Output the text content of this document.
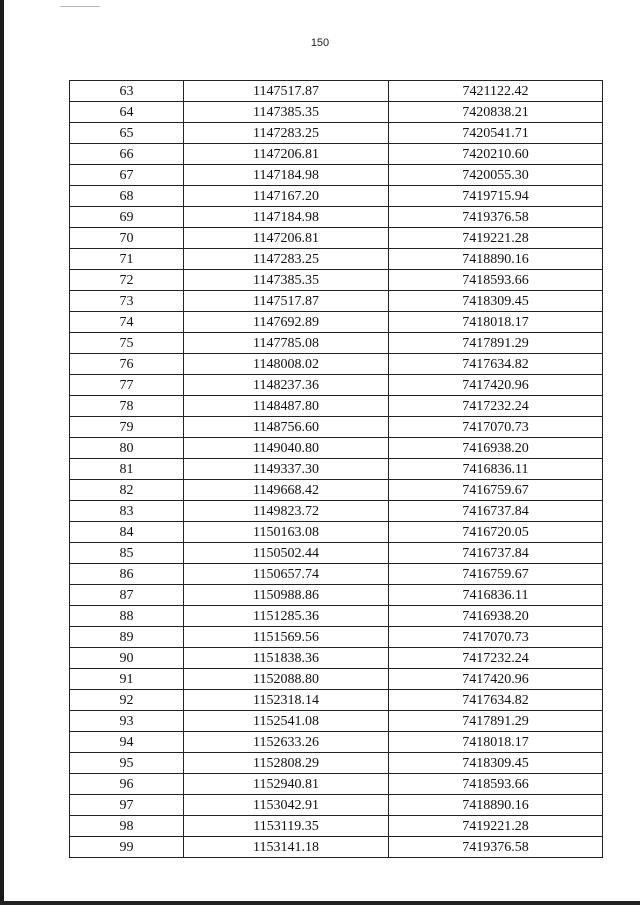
150
63	1147517.87	7421122.42
64	1147385.35	7420838.21
65	1147283.25	7420541.71
66	1147206.81	7420210.60
67	1147184.98	7420055.30
68	1147167.20	7419715.94
69	1147184.98	7419376.58
70	1147206.81	7419221.28
71	1147283.25	7418890.16
72	1147385.35	7418593.66
73	1147517.87	7418309.45
74	1147692.89	7418018.17
75	1147785.08	7417891.29
76	1148008.02	7417634.82
77	1148237.36	7417420.96
78	1148487.80	7417232.24
79	1148756.60	7417070.73
80	1149040.80	7416938.20
81	1149337.30	7416836.11
82	1149668.42	7416759.67
83	1149823.72	7416737.84
84	1150163.08	7416720.05
85	1150502.44	7416737.84
86	1150657.74	7416759.67
87	1150988.86	7416836.11
88	1151285.36	7416938.20
89	1151569.56	7417070.73
90	1151838.36	7417232.24
91	1152088.80	7417420.96
92	1152318.14	7417634.82
93	1152541.08	7417891.29
94	1152633.26	7418018.17
95	1152808.29	7418309.45
96	1152940.81	7418593.66
97	1153042.91	7418890.16
98	1153119.35	7419221.28
99	1153141.18	7419376.58
